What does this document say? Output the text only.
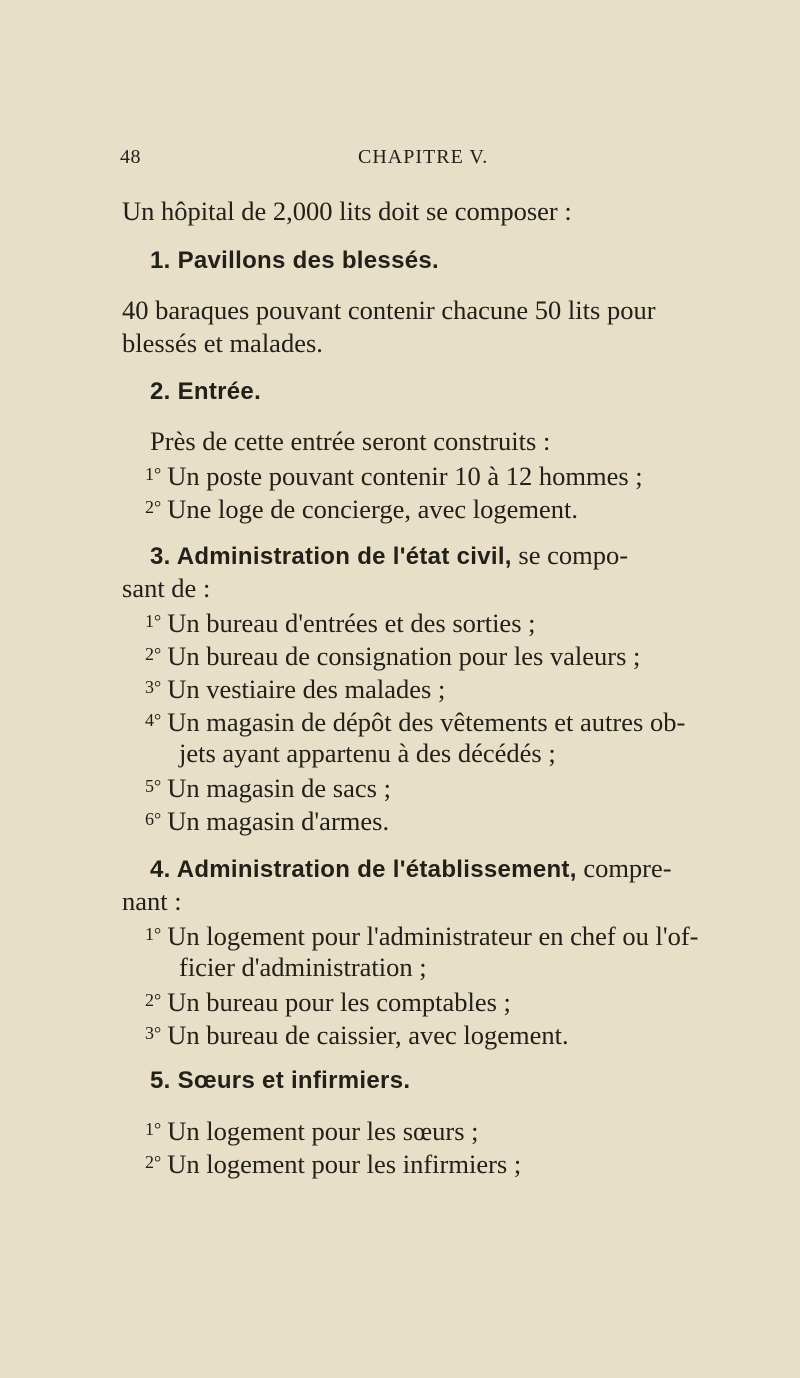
48	CHAPITRE V.
Un hôpital de 2,000 lits doit se composer :
1. Pavillons des blessés.
40 baraques pouvant contenir chacune 50 lits pour
blessés et malades.
2. Entrée.
Près de cette entrée seront construits :
1° Un poste pouvant contenir 10 à 12 hommes ;
2° Une loge de concierge, avec logement.
3. Administration de l'état civil, se compo-
sant de :
1° Un bureau d'entrées et des sorties ;
2° Un bureau de consignation pour les valeurs ;
3° Un vestiaire des malades ;
4° Un magasin de dépôt des vêtements et autres ob-
jets ayant appartenu à des décédés ;
5° Un magasin de sacs ;
6° Un magasin d'armes.
4. Administration de l'établissement, compre-
nant :
1° Un logement pour l'administrateur en chef ou l'of-
ficier d'administration ;
2° Un bureau pour les comptables ;
3° Un bureau de caissier, avec logement.
5. Sœurs et infirmiers.
1° Un logement pour les sœurs ;
2° Un logement pour les infirmiers ;
